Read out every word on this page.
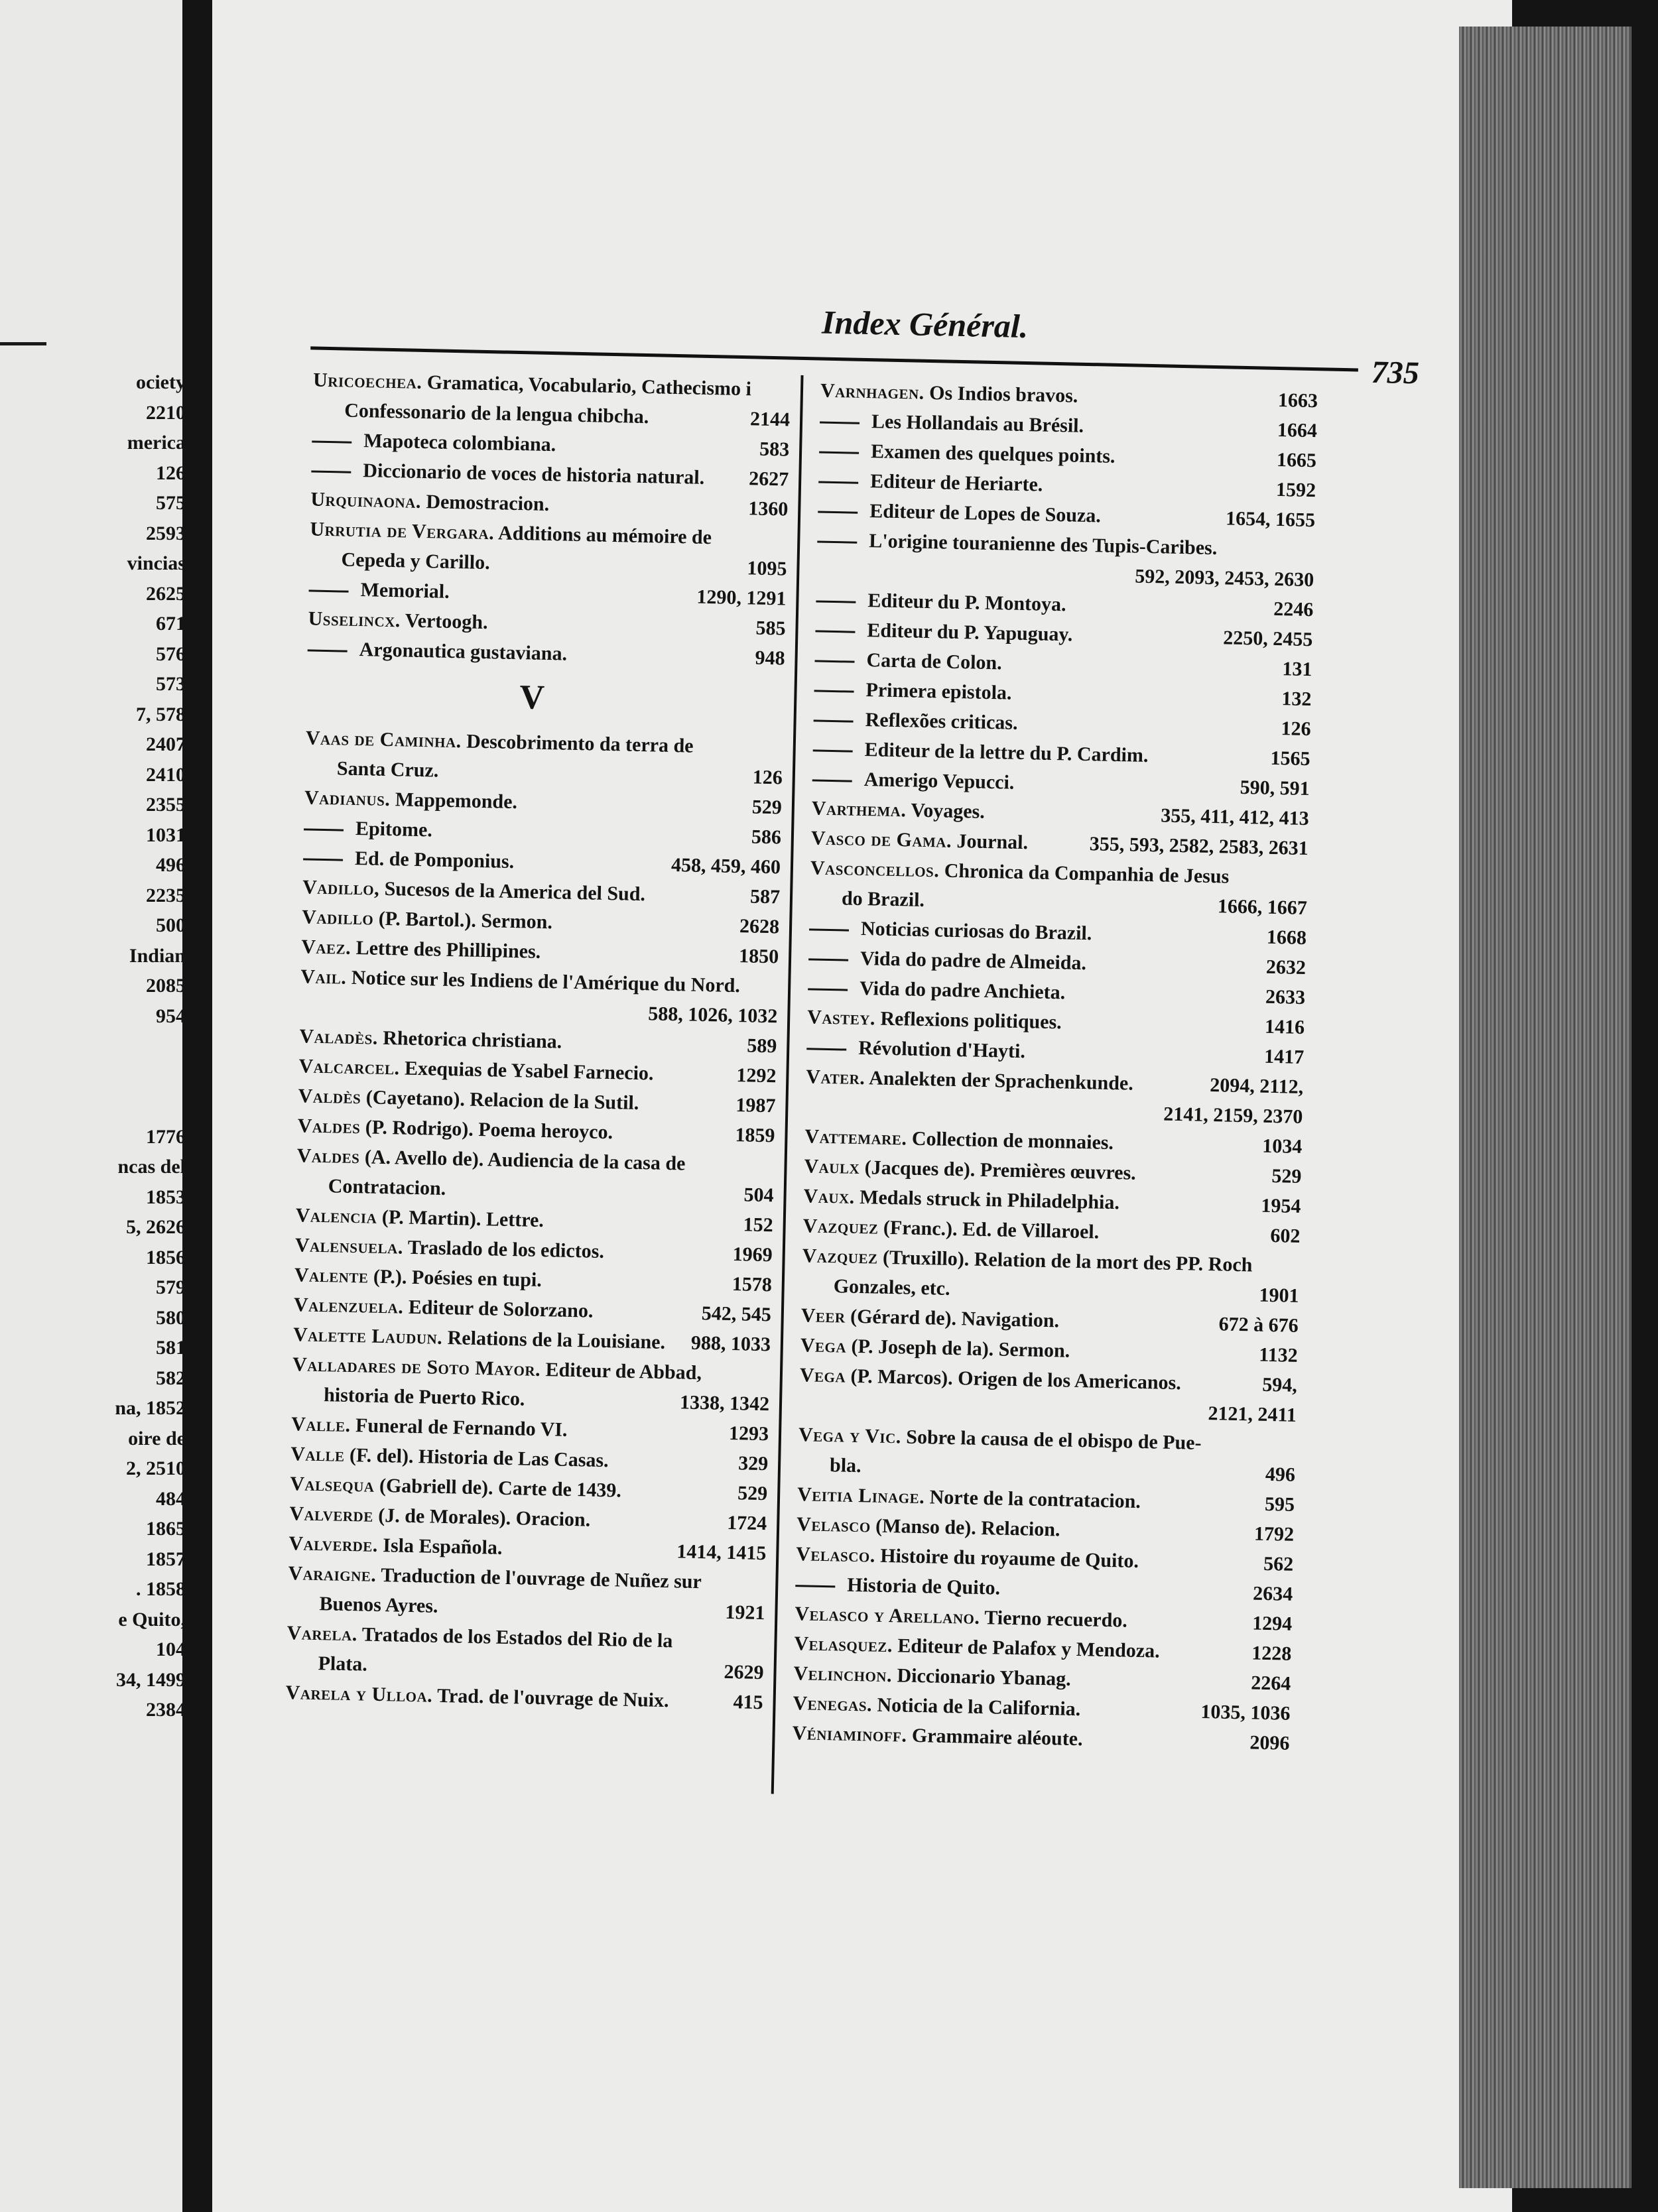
ociety
2210
merica
126
575
2593
vincias
2625
671
576
573
7, 578
2407
2410
2355
1031
496
2235
500
Indian
2085
954
1776
ncas del
1853
5, 2626
1856
579
580
581
582
na, 1852
oire de
2, 2510
484
1865
1857
. 1858
e Quito,
104
34, 1499
2384
Index Général.
735
Uricoechea. Gramatica, Vocabulario, Cathecismo i
Confessonario de la lengua chibcha.	2144
Mapoteca colombiana.	583
Diccionario de voces de historia natural.	2627
Urquinaona. Demostracion.	1360
Urrutia de Vergara. Additions au mémoire de
Cepeda y Carillo.	1095
Memorial.	1290, 1291
Usselincx. Vertoogh.	585
Argonautica gustaviana.	948
V
Vaas de Caminha. Descobrimento da terra de
Santa Cruz.	126
Vadianus. Mappemonde.	529
Epitome.	586
Ed. de Pomponius.	458, 459, 460
Vadillo, Sucesos de la America del Sud.	587
Vadillo (P. Bartol.). Sermon.	2628
Vaez. Lettre des Phillipines.	1850
Vail. Notice sur les Indiens de l'Amérique du Nord.
588, 1026, 1032
Valadès. Rhetorica christiana.	589
Valcarcel. Exequias de Ysabel Farnecio.	1292
Valdès (Cayetano). Relacion de la Sutil.	1987
Valdes (P. Rodrigo). Poema heroyco.	1859
Valdes (A. Avello de). Audiencia de la casa de
Contratacion.	504
Valencia (P. Martin). Lettre.	152
Valensuela. Traslado de los edictos.	1969
Valente (P.). Poésies en tupi.	1578
Valenzuela. Editeur de Solorzano.	542, 545
Valette Laudun. Relations de la Louisiane.	988, 1033
Valladares de Soto Mayor. Editeur de Abbad,
historia de Puerto Rico.	1338, 1342
Valle. Funeral de Fernando VI.	1293
Valle (F. del). Historia de Las Casas.	329
Valsequa (Gabriell de). Carte de 1439.	529
Valverde (J. de Morales). Oracion.	1724
Valverde. Isla Española.	1414, 1415
Varaigne. Traduction de l'ouvrage de Nuñez sur
Buenos Ayres.	1921
Varela. Tratados de los Estados del Rio de la
Plata.	2629
Varela y Ulloa. Trad. de l'ouvrage de Nuix.	415
Varnhagen. Os Indios bravos.	1663
Les Hollandais au Brésil.	1664
Examen des quelques points.	1665
Editeur de Heriarte.	1592
Editeur de Lopes de Souza.	1654, 1655
L'origine touranienne des Tupis-Caribes.
592, 2093, 2453, 2630
Editeur du P. Montoya.	2246
Editeur du P. Yapuguay.	2250, 2455
Carta de Colon.	131
Primera epistola.	132
Reflexões criticas.	126
Editeur de la lettre du P. Cardim.	1565
Amerigo Vepucci.	590, 591
Varthema. Voyages.	355, 411, 412, 413
Vasco de Gama. Journal.	355, 593, 2582, 2583, 2631
Vasconcellos. Chronica da Companhia de Jesus
do Brazil.	1666, 1667
Noticias curiosas do Brazil.	1668
Vida do padre de Almeida.	2632
Vida do padre Anchieta.	2633
Vastey. Reflexions politiques.	1416
Révolution d'Hayti.	1417
Vater. Analekten der Sprachenkunde.	2094, 2112,
2141, 2159, 2370
Vattemare. Collection de monnaies.	1034
Vaulx (Jacques de). Premières œuvres.	529
Vaux. Medals struck in Philadelphia.	1954
Vazquez (Franc.). Ed. de Villaroel.	602
Vazquez (Truxillo). Relation de la mort des PP. Roch
Gonzales, etc.	1901
Veer (Gérard de). Navigation.	672 à 676
Vega (P. Joseph de la). Sermon.	1132
Vega (P. Marcos). Origen de los Americanos.	594,
2121, 2411
Vega y Vic. Sobre la causa de el obispo de Pue-
bla.	496
Veitia Linage. Norte de la contratacion.	595
Velasco (Manso de). Relacion.	1792
Velasco. Histoire du royaume de Quito.	562
Historia de Quito.	2634
Velasco y Arellano. Tierno recuerdo.	1294
Velasquez. Editeur de Palafox y Mendoza.	1228
Velinchon. Diccionario Ybanag.	2264
Venegas. Noticia de la California.	1035, 1036
Véniaminoff. Grammaire aléoute.	2096
